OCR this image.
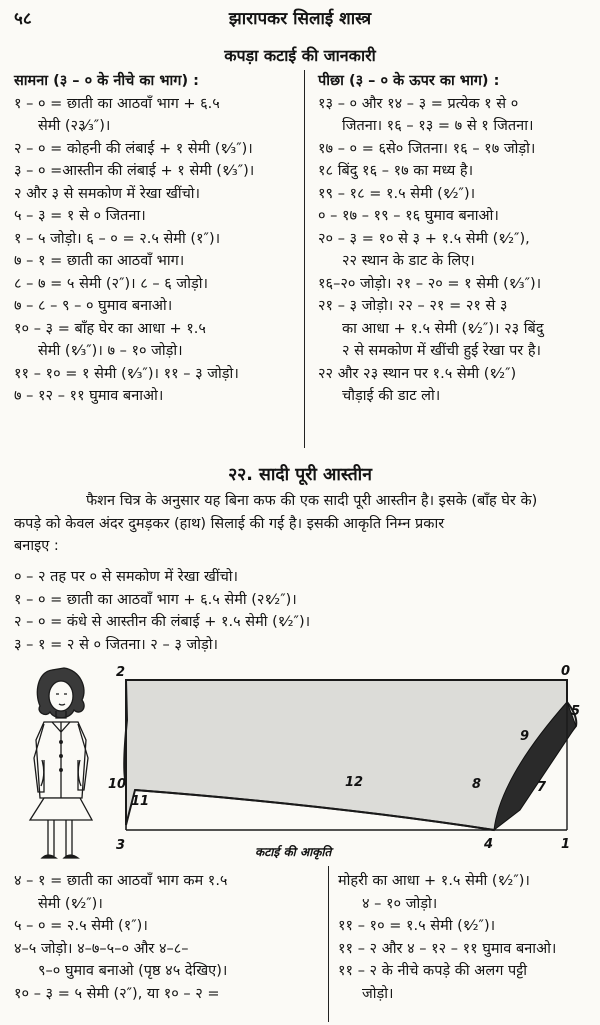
५८	झारापकर सिलाई शास्त्र
कपड़ा कटाई की जानकारी

सामना (३ – ० के नीचे का भाग) :

१ – ० = छाती का आठवाँ भाग + ६.५

सेमी (२३⁄₃″)।

२ – ० = कोहनी की लंबाई + १ सेमी (१⁄₃″)।

३ – ० =आस्तीन की लंबाई + १ सेमी (१⁄₃″)।

२ और ३ से समकोण में रेखा खींचो।

५ – ३ = १ से ० जितना।

१ – ५ जोड़ो। ६ – ० = २.५ सेमी (१″)।

७ – १ = छाती का आठवाँ भाग।

८ – ७ = ५ सेमी (२″)। ८ – ६ जोड़ो।

७ – ८ – ९ – ० घुमाव बनाओ।

१० – ३ = बाँह घेर का आधा + १.५

सेमी (१⁄₃″)। ७ – १० जोड़ो।

११ – १० = १ सेमी (१⁄₃″)। ११ – ३ जोड़ो।

७ – १२ – ११ घुमाव बनाओ।

पीछा (३ – ० के ऊपर का भाग) :

१३ – ० और १४ – ३ = प्रत्येक १ से ०

जितना। १६ – १३ = ७ से १ जितना।

१७ – ० = ६से० जितना। १६ – १७ जोड़ो।

१८ बिंदु १६ – १७ का मध्य है।

१९ – १८ = १.५ सेमी (१⁄₂″)।

० – १७ – १९ – १६ घुमाव बनाओ।

२० – ३ = १० से ३ + १.५ सेमी (१⁄₂″),

२२ स्थान के डाट के लिए।

१६–२० जोड़ो। २१ – २० = १ सेमी (१⁄₃″)।

२१ – ३ जोड़ो। २२ – २१ = २१ से ३

का आधा + १.५ सेमी (१⁄₂″)। २३ बिंदु

२ से समकोण में खींची हुई रेखा पर है।

२२ और २३ स्थान पर १.५ सेमी (१⁄₂″)

चौड़ाई की डाट लो।

२२. सादी पूरी आस्तीन

फैशन चित्र के अनुसार यह बिना कफ की एक सादी पूरी आस्तीन है। इसके (बाँह घेर के)

कपड़े को केवल अंदर दुमड़कर (हाथ) सिलाई की गई है। इसकी आकृति निम्न प्रकार

बनाइए :

० – २ तह पर ० से समकोण में रेखा खींचो।

१ – ० = छाती का आठवाँ भाग + ६.५ सेमी (२१⁄₂″)।

२ – ० = कंधे से आस्तीन की लंबाई + १.५ सेमी (१⁄₂″)।

३ – १ = २ से ० जितना। २ – ३ जोड़ो।

2	0
5
9
12
10
11
8	7
3	4	1
कटाई की आकृति

४ – १ = छाती का आठवाँ भाग कम १.५

सेमी (१⁄₂″)।

५ – ० = २.५ सेमी (१″)।

४–५ जोड़ो। ४–७–५–० और ४–८–

९–० घुमाव बनाओ (पृष्ठ ४५ देखिए)।

१० – ३ = ५ सेमी (२″), या १० – २ =

मोहरी का आधा + १.५ सेमी (१⁄₂″)।

४ – १० जोड़ो।

११ – १० = १.५ सेमी (१⁄₂″)।

११ – २ और ४ – १२ – ११ घुमाव बनाओ।

११ – २ के नीचे कपड़े की अलग पट्टी

जोड़ो।
